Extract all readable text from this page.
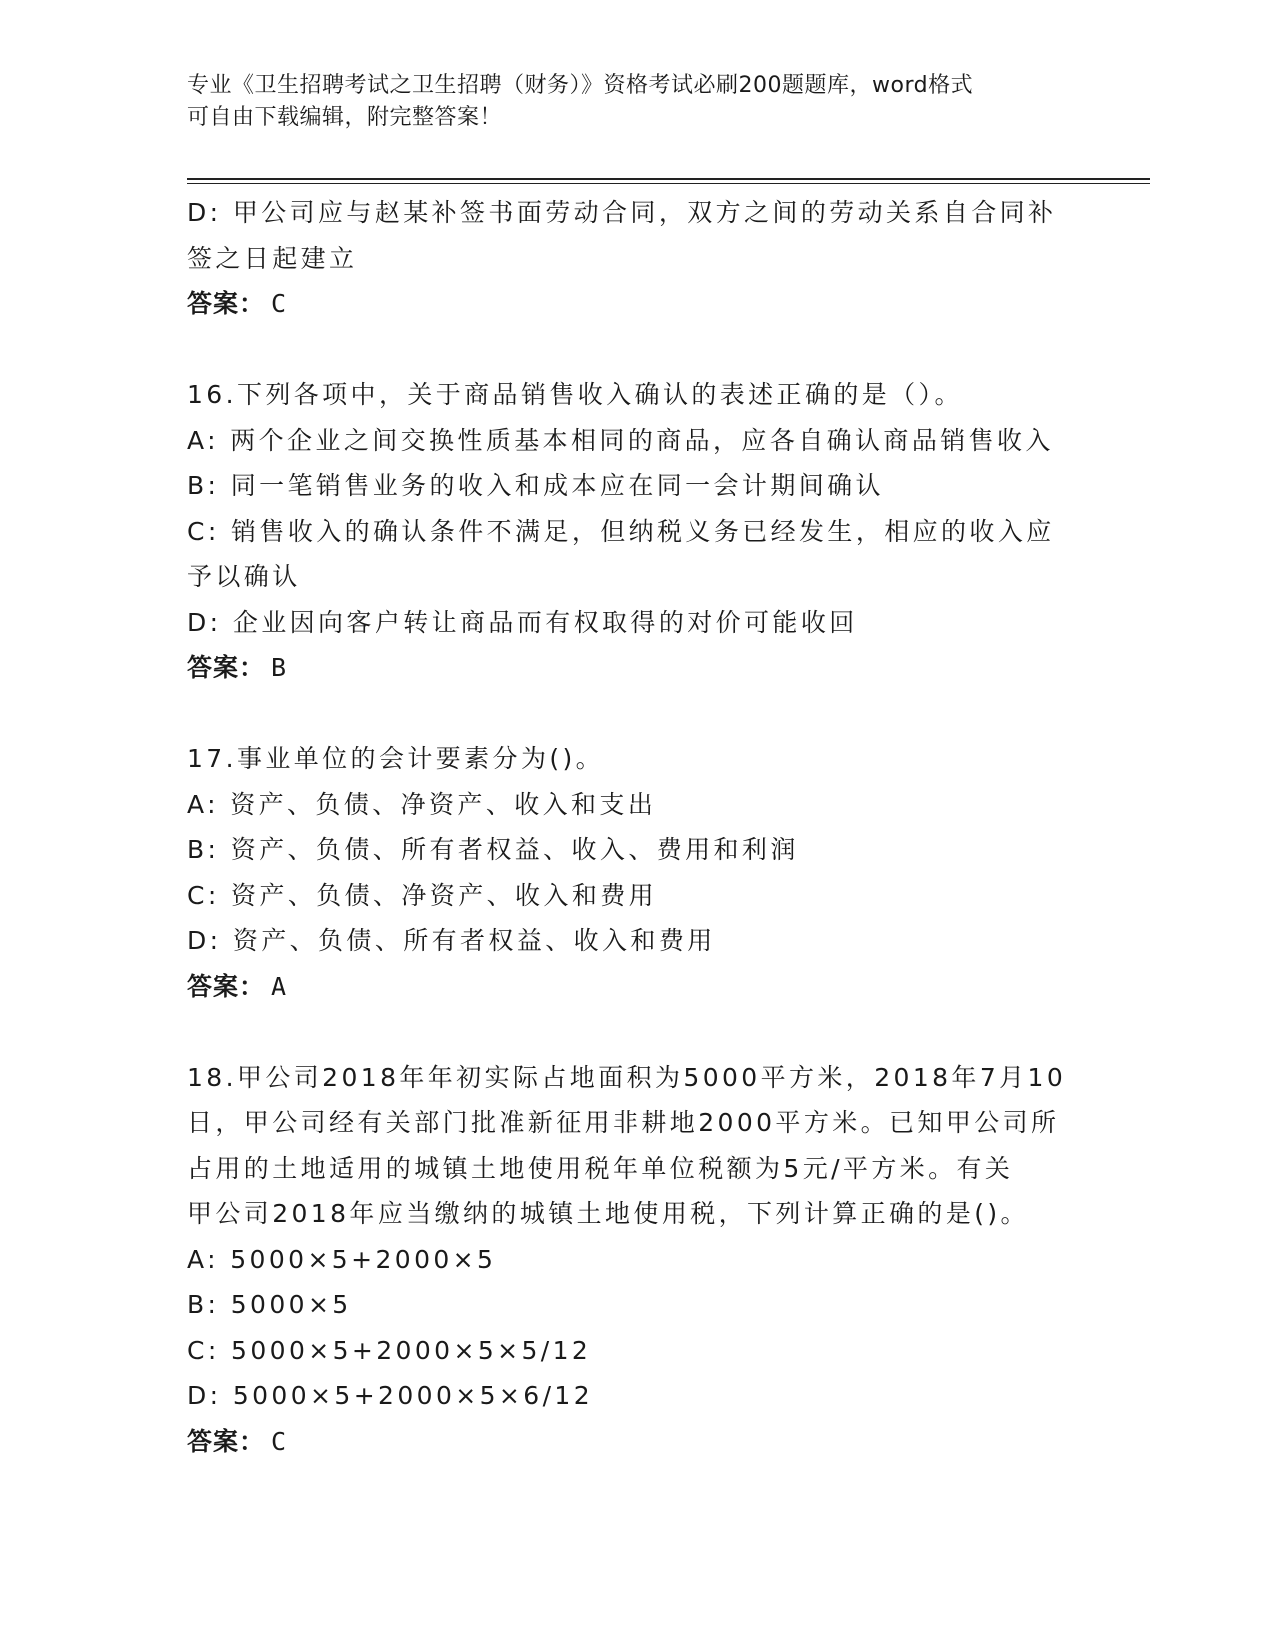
专业《卫生招聘考试之卫生招聘（财务）》资格考试必刷200题题库，word格式
可自由下载编辑，附完整答案！
D: 甲公司应与赵某补签书面劳动合同，双方之间的劳动关系自合同补
签之日起建立
答案： C
16.下列各项中，关于商品销售收入确认的表述正确的是（）。
A: 两个企业之间交换性质基本相同的商品，应各自确认商品销售收入
B: 同一笔销售业务的收入和成本应在同一会计期间确认
C: 销售收入的确认条件不满足，但纳税义务已经发生，相应的收入应
予以确认
D: 企业因向客户转让商品而有权取得的对价可能收回
答案： B
17.事业单位的会计要素分为()。
A: 资产、负债、净资产、收入和支出
B: 资产、负债、所有者权益、收入、费用和利润
C: 资产、负债、净资产、收入和费用
D: 资产、负债、所有者权益、收入和费用
答案： A
18.甲公司2018年年初实际占地面积为5000平方米，2018年7月10
日，甲公司经有关部门批准新征用非耕地2000平方米。已知甲公司所
占用的土地适用的城镇土地使用税年单位税额为5元/平方米。有关
甲公司2018年应当缴纳的城镇土地使用税，下列计算正确的是()。
A: 5000×5+2000×5
B: 5000×5
C: 5000×5+2000×5×5/12
D: 5000×5+2000×5×6/12
答案： C
